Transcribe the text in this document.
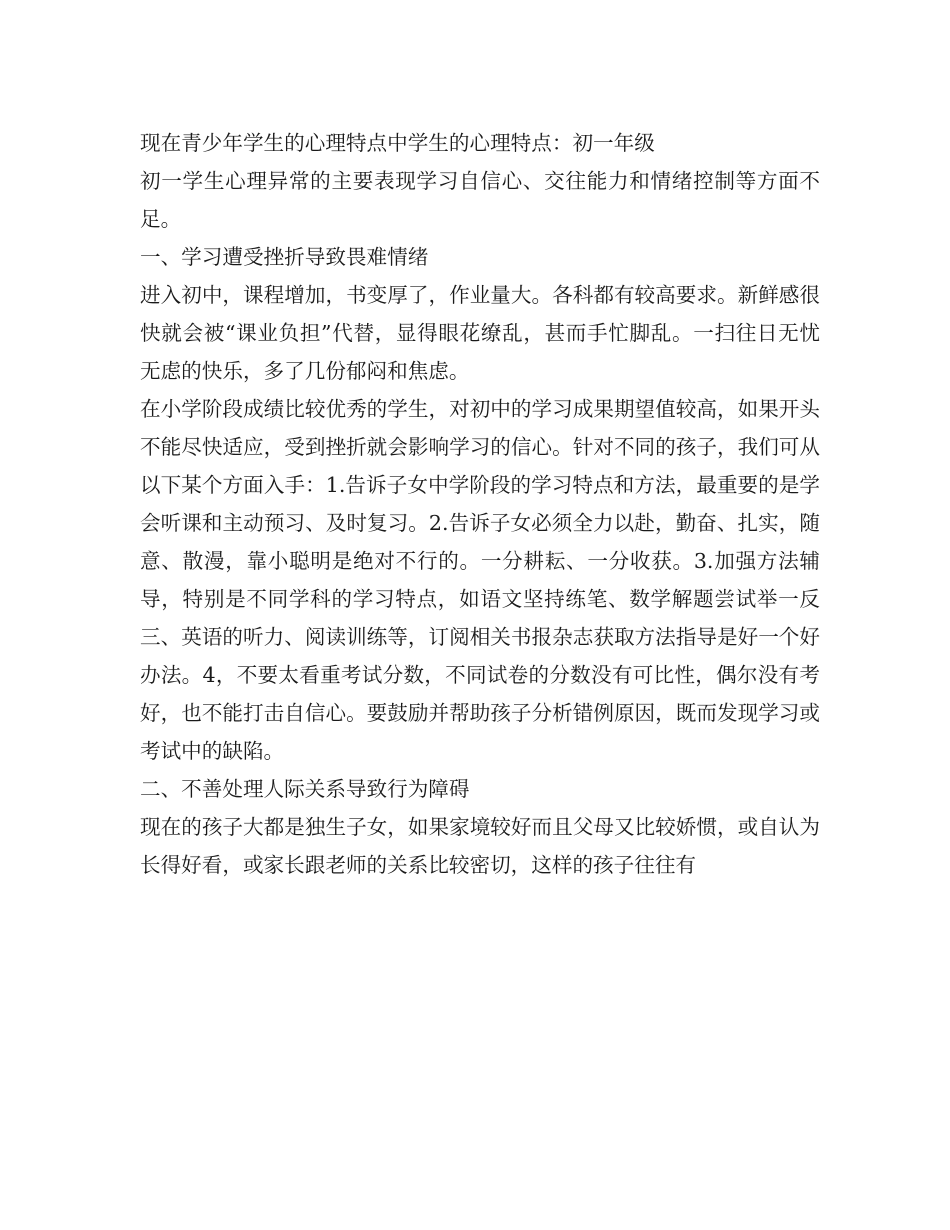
现在青少年学生的心理特点中学生的心理特点：初一年级

初一学生心理异常的主要表现学习自信心、交往能力和情绪控制等方面不足。

一、学习遭受挫折导致畏难情绪

进入初中，课程增加，书变厚了，作业量大。各科都有较高要求。新鲜感很快就会被“课业负担”代替，显得眼花缭乱，甚而手忙脚乱。一扫往日无忧无虑的快乐，多了几份郁闷和焦虑。

在小学阶段成绩比较优秀的学生，对初中的学习成果期望值较高，如果开头不能尽快适应，受到挫折就会影响学习的信心。针对不同的孩子，我们可从以下某个方面入手：1.告诉子女中学阶段的学习特点和方法，最重要的是学会听课和主动预习、及时复习。2.告诉子女必须全力以赴，勤奋、扎实，随意、散漫，靠小聪明是绝对不行的。一分耕耘、一分收获。3.加强方法辅导，特别是不同学科的学习特点，如语文坚持练笔、数学解题尝试举一反三、英语的听力、阅读训练等，订阅相关书报杂志获取方法指导是好一个好办法。4，不要太看重考试分数，不同试卷的分数没有可比性，偶尔没有考好，也不能打击自信心。要鼓励并帮助孩子分析错例原因，既而发现学习或考试中的缺陷。

二、不善处理人际关系导致行为障碍

现在的孩子大都是独生子女，如果家境较好而且父母又比较娇惯，或自认为长得好看，或家长跟老师的关系比较密切，这样的孩子往往有
